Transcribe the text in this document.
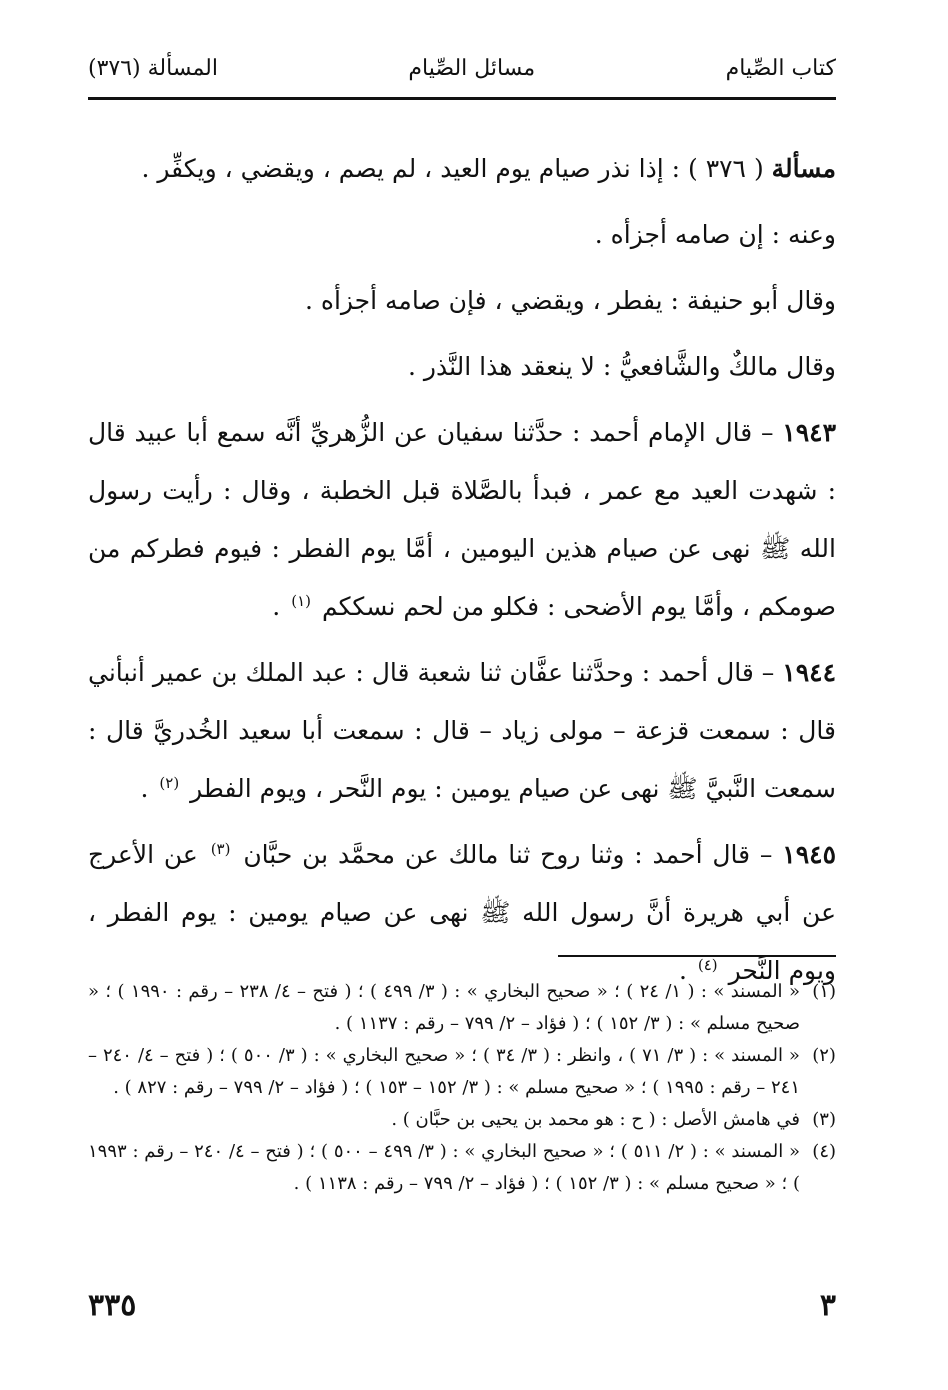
كتاب الصِّيام
مسائل الصِّيام
المسألة (٣٧٦)

مسألة ( ٣٧٦ ) : إذا نذر صيام يوم العيد ، لم يصم ، ويقضي ، ويكفِّر .

وعنه : إن صامه أجزأه .

وقال أبو حنيفة : يفطر ، ويقضي ، فإن صامه أجزأه .

وقال مالكٌ والشَّافعيُّ : لا ينعقد هذا النَّذر .

١٩٤٣ – قال الإمام أحمد : حدَّثنا سفيان عن الزُّهريِّ أنَّه سمع أبا عبيد قال : شهدت العيد مع عمر ، فبدأ بالصَّلاة قبل الخطبة ، وقال : رأيت رسول الله ﷺ نهى عن صيام هذين اليومين ، أمَّا يوم الفطر : فيوم فطركم من صومكم ، وأمَّا يوم الأضحى : فكلو من لحم نسككم $^{(١)}$ .

١٩٤٤ – قال أحمد : وحدَّثنا عفَّان ثنا شعبة قال : عبد الملك بن عمير أنبأني قال : سمعت قزعة – مولى زياد – قال : سمعت أبا سعيد الخُدريَّ قال : سمعت النَّبيَّ ﷺ نهى عن صيام يومين : يوم النَّحر ، ويوم الفطر $^{(٢)}$ .

١٩٤٥ – قال أحمد : وثنا روح ثنا مالك عن محمَّد بن حبَّان $^{(٣)}$ عن الأعرج عن أبي هريرة أنَّ رسول الله ﷺ نهى عن صيام يومين : يوم الفطر ، ويوم النَّحر $^{(٤)}$ .

(١)« المسند » : ( ١/ ٢٤ ) ؛ « صحيح البخاري » : ( ٣/ ٤٩٩ ) ؛ ( فتح – ٤/ ٢٣٨ – رقم : ١٩٩٠ ) ؛ « صحيح مسلم » : ( ٣/ ١٥٢ ) ؛ ( فؤاد – ٢/ ٧٩٩ – رقم : ١١٣٧ ) .

(٢)« المسند » : ( ٣/ ٧١ ) ، وانظر : ( ٣/ ٣٤ ) ؛ « صحيح البخاري » : ( ٣/ ٥٠٠ ) ؛ ( فتح – ٤/ ٢٤٠ – ٢٤١ – رقم : ١٩٩٥ ) ؛ « صحيح مسلم » : ( ٣/ ١٥٢ – ١٥٣ ) ؛ ( فؤاد – ٢/ ٧٩٩ – رقم : ٨٢٧ ) .

(٣)في هامش الأصل : ( ح : هو محمد بن يحيى بن حبَّان ) .

(٤)« المسند » : ( ٢/ ٥١١ ) ؛ « صحيح البخاري » : ( ٣/ ٤٩٩ – ٥٠٠ ) ؛ ( فتح – ٤/ ٢٤٠ – رقم : ١٩٩٣ ) ؛ « صحيح مسلم » : ( ٣/ ١٥٢ ) ؛ ( فؤاد – ٢/ ٧٩٩ – رقم : ١١٣٨ ) .

٣
٣٣٥
